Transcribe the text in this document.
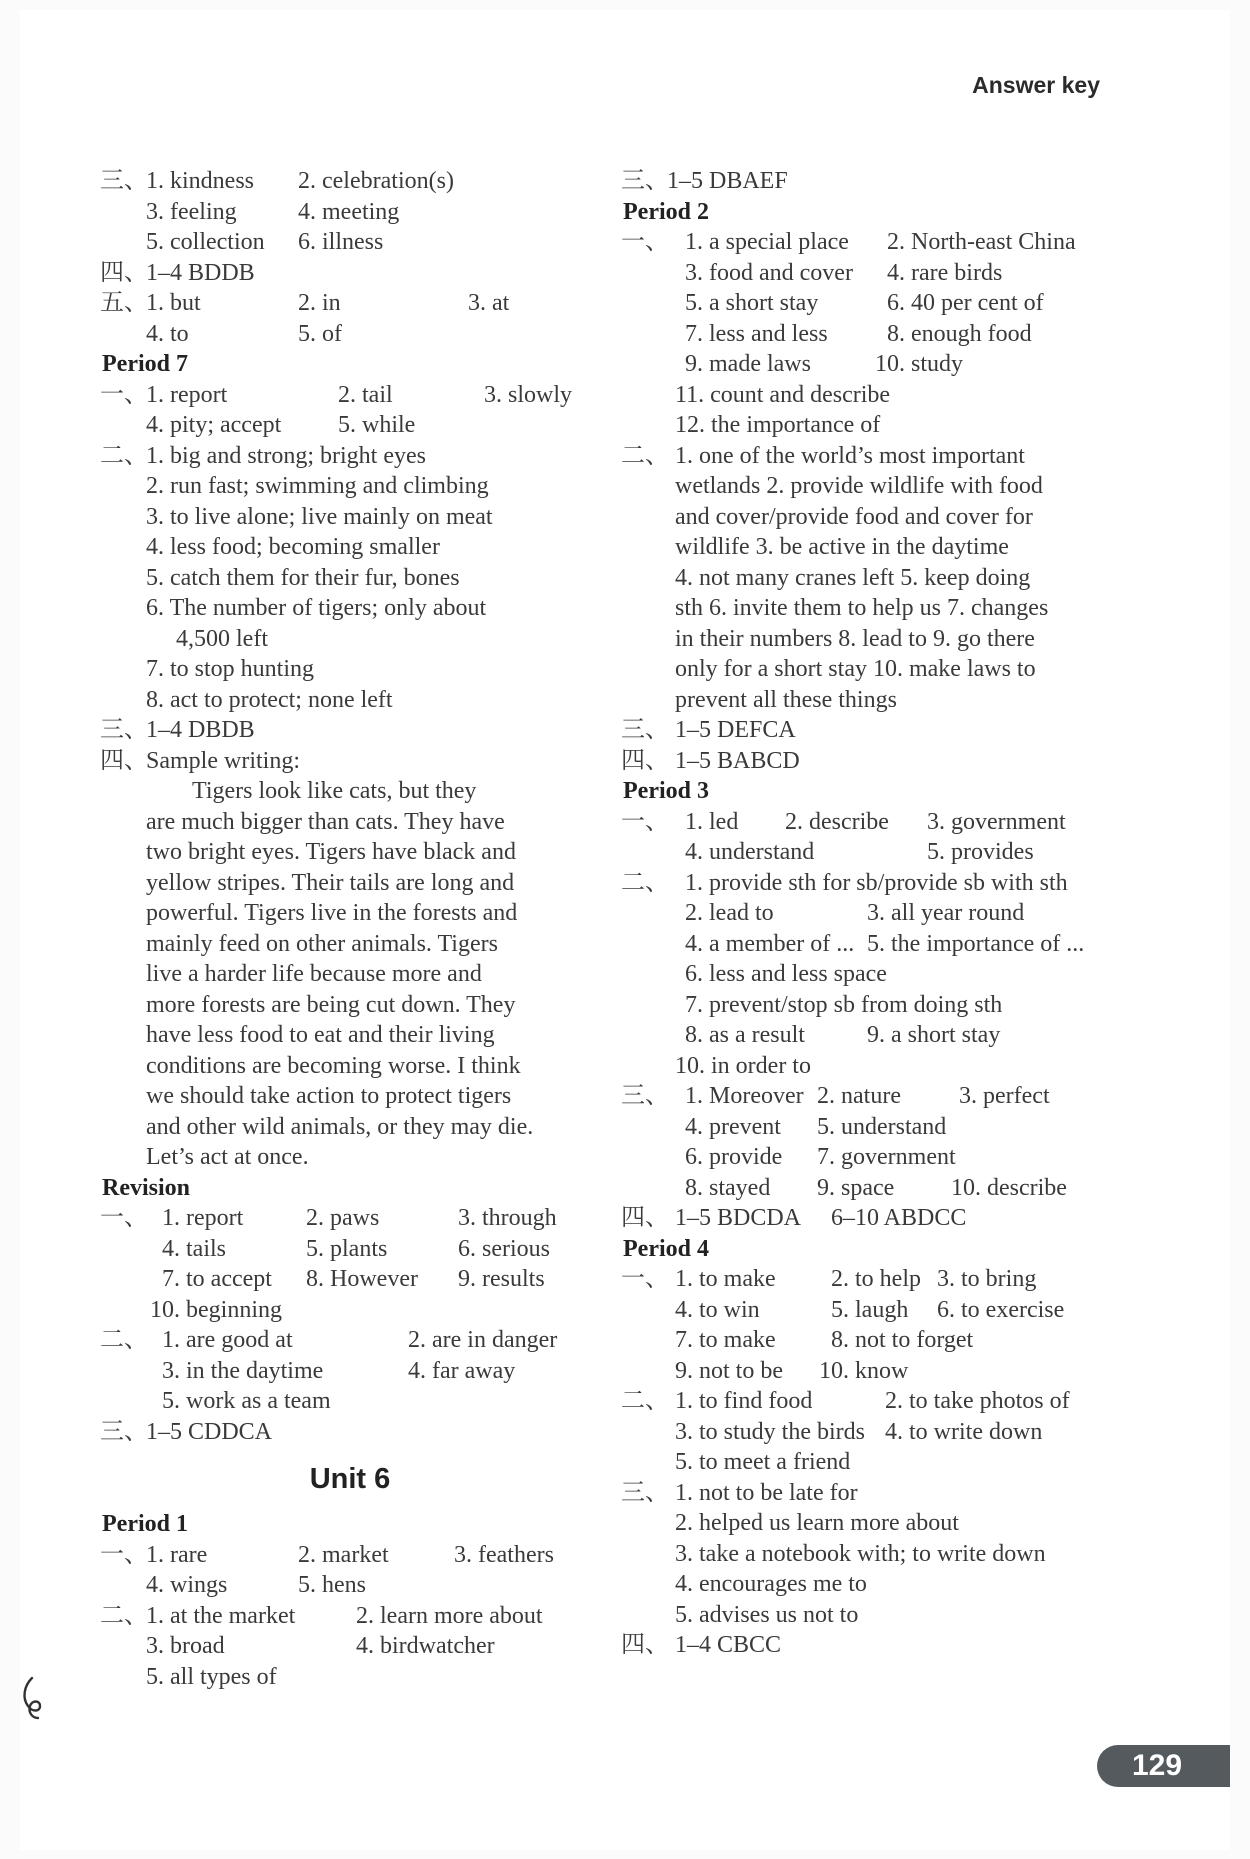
Answer key
三、
1. kindness 2. celebration(s)
3. feeling	4. meeting
5. collection 6. illness
四、
1–4 BDDB
五、
1. but	2. in	3. at
4. to	5. of
Period 7
一、
1. report	2. tail	3. slowly
4. pity; accept 5. while
二、
1. big and strong; bright eyes
2. run fast; swimming and climbing
3. to live alone; live mainly on meat
4. less food; becoming smaller
5. catch them for their fur, bones
6. The number of tigers; only about
4,500 left
7. to stop hunting
8. act to protect; none left
三、
1–4 DBDB
四、
Sample writing:
Tigers look like cats, but they
are much bigger than cats. They have
two bright eyes. Tigers have black and
yellow stripes. Their tails are long and
powerful. Tigers live in the forests and
mainly feed on other animals. Tigers
live a harder life because more and
more forests are being cut down. They
have less food to eat and their living
conditions are becoming worse. I think
we should take action to protect tigers
and other wild animals, or they may die.
Let’s act at once.
Revision
一、 1. report	2. paws	3. through
4. tails	5. plants	6. serious
7. to accept 8. However 9. results
10. beginning
二、 1. are good at	2. are in danger
3. in the daytime	4. far away
5. work as a team
三、
1–5 CDDCA
Unit 6
Period 1
一、
1. rare	2. market	3. feathers
4. wings	5. hens
二、
1. at the market	2. learn more about
3. broad	4. birdwatcher
5. all types of
三、
1–5 DBAEF
Period 2
一、 1. a special place 2. North-east China
3. food and cover 4. rare birds
5. a short stay	6. 40 per cent of
7. less and less 8. enough food
9. made laws	10. study
11. count and describe
12. the importance of
二、 1. one of the world’s most important
wetlands 2. provide wildlife with food
and cover/provide food and cover for
wildlife 3. be active in the daytime
4. not many cranes left 5. keep doing
sth 6. invite them to help us 7. changes
in their numbers 8. lead to 9. go there
only for a short stay 10. make laws to
prevent all these things
三、 1–5 DEFCA
四、 1–5 BABCD
Period 3
一、 1. led 2. describe 3. government
4. understand	5. provides
二、 1. provide sth for sb/provide sb with sth
2. lead to	3. all year round
4. a member of ... 5. the importance of ...
6. less and less space
7. prevent/stop sb from doing sth
8. as a result	9. a short stay
10. in order to
三、 1. Moreover 2. nature 3. perfect
4. prevent 5. understand
6. provide 7. government
8. stayed 9. space 10. describe
四、 1–5 BDCDA 6–10 ABDCC
Period 4
一、 1. to make 2. to help 3. to bring
4. to win	5. laugh 6. to exercise
7. to make 8. not to forget
9. not to be 10. know
二、 1. to find food	2. to take photos of
3. to study the birds 4. to write down
5. to meet a friend
三、 1. not to be late for
2. helped us learn more about
3. take a notebook with; to write down
4. encourages me to
5. advises us not to
四、 1–4 CBCC
129
